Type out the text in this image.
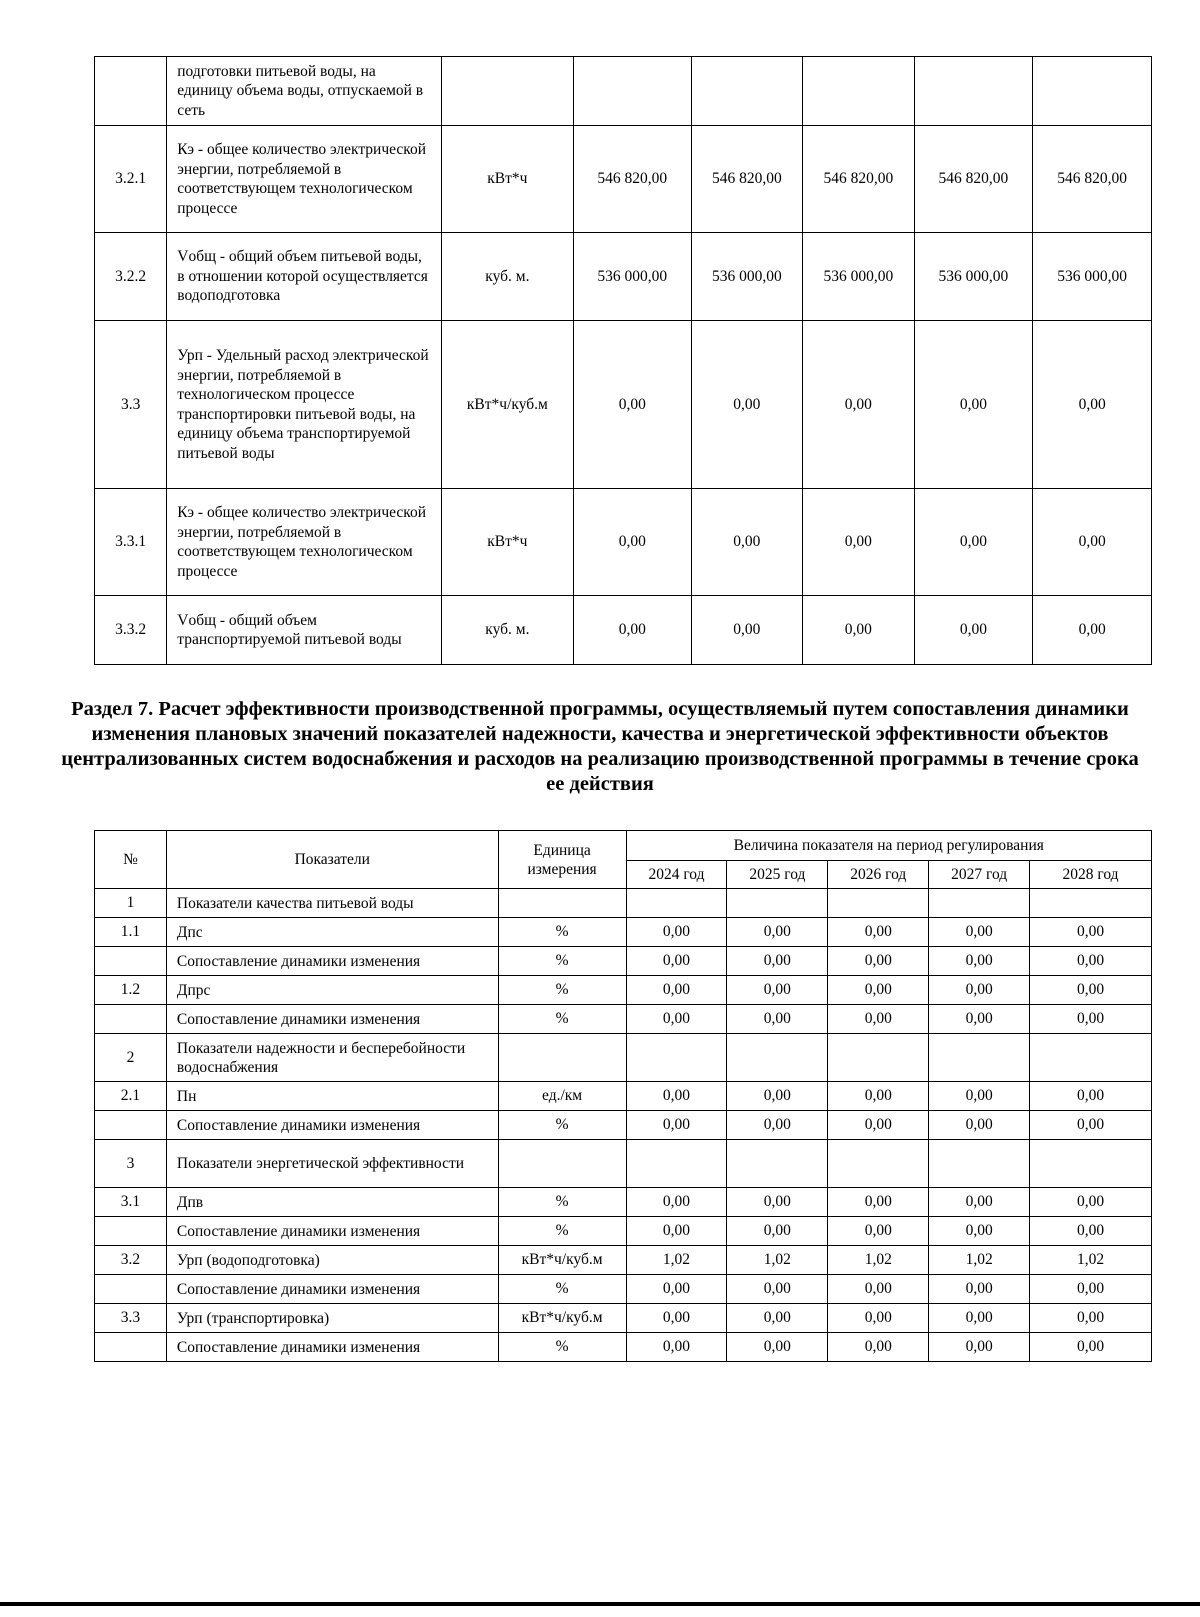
	подготовки питьевой воды, на единицу объема воды, отпускаемой в сеть						
3.2.1	Кэ - общее количество электрической энергии, потребляемой в соответствующем технологическом процессе	кВт*ч	546 820,00	546 820,00	546 820,00	546 820,00	546 820,00
3.2.2	Vобщ - общий объем питьевой воды, в отношении которой осуществляется водоподготовка	куб. м.	536 000,00	536 000,00	536 000,00	536 000,00	536 000,00
3.3	Урп - Удельный расход электрической энергии, потребляемой в технологическом процессе транспортировки питьевой воды, на единицу объема транспортируемой питьевой воды	кВт*ч/куб.м	0,00	0,00	0,00	0,00	0,00
3.3.1	Кэ - общее количество электрической энергии, потребляемой в соответствующем технологическом процессе	кВт*ч	0,00	0,00	0,00	0,00	0,00
3.3.2	Vобщ - общий объем транспортируемой питьевой воды	куб. м.	0,00	0,00	0,00	0,00	0,00
Раздел 7. Расчет эффективности производственной программы, осуществляемый путем сопоставления динамики изменения плановых значений показателей надежности, качества и энергетической эффективности объектов централизованных систем водоснабжения и расходов на реализацию производственной программы в течение срока ее действия
№	Показатели	Единица измерения	Величина показателя на период регулирования				
			2024 год	2025 год	2026 год	2027 год	2028 год
1	Показатели качества питьевой воды						
1.1	Дпс	%	0,00	0,00	0,00	0,00	0,00
	Сопоставление динамики изменения	%	0,00	0,00	0,00	0,00	0,00
1.2	Дпрс	%	0,00	0,00	0,00	0,00	0,00
	Сопоставление динамики изменения	%	0,00	0,00	0,00	0,00	0,00
2	Показатели надежности и бесперебойности водоснабжения						
2.1	Пн	ед./км	0,00	0,00	0,00	0,00	0,00
	Сопоставление динамики изменения	%	0,00	0,00	0,00	0,00	0,00
3	Показатели энергетической эффективности						
3.1	Дпв	%	0,00	0,00	0,00	0,00	0,00
	Сопоставление динамики изменения	%	0,00	0,00	0,00	0,00	0,00
3.2	Урп (водоподготовка)	кВт*ч/куб.м	1,02	1,02	1,02	1,02	1,02
	Сопоставление динамики изменения	%	0,00	0,00	0,00	0,00	0,00
3.3	Урп (транспортировка)	кВт*ч/куб.м	0,00	0,00	0,00	0,00	0,00
	Сопоставление динамики изменения	%	0,00	0,00	0,00	0,00	0,00
